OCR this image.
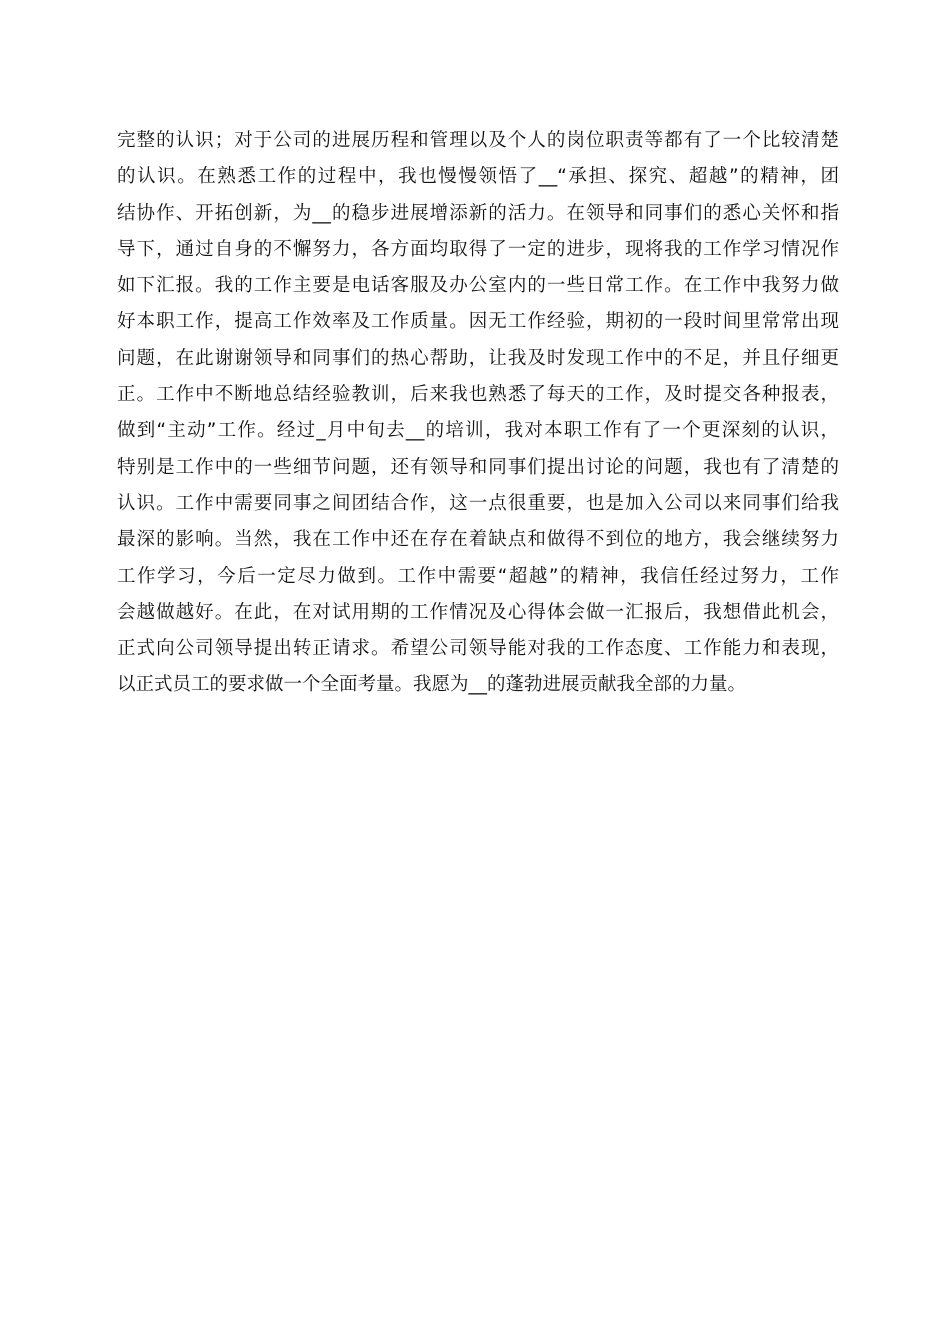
完整的认识；对于公司的进展历程和管理以及个人的岗位职责等都有了一个比较清楚
的认识。在熟悉工作的过程中，我也慢慢领悟了__“承担、探究、超越”的精神，团
结协作、开拓创新，为__的稳步进展增添新的活力。在领导和同事们的悉心关怀和指
导下，通过自身的不懈努力，各方面均取得了一定的进步，现将我的工作学习情况作
如下汇报。我的工作主要是电话客服及办公室内的一些日常工作。在工作中我努力做
好本职工作，提高工作效率及工作质量。因无工作经验，期初的一段时间里常常出现
问题，在此谢谢领导和同事们的热心帮助，让我及时发现工作中的不足，并且仔细更
正。工作中不断地总结经验教训，后来我也熟悉了每天的工作，及时提交各种报表，
做到“主动”工作。经过_月中旬去__的培训，我对本职工作有了一个更深刻的认识，
特别是工作中的一些细节问题，还有领导和同事们提出讨论的问题，我也有了清楚的
认识。工作中需要同事之间团结合作，这一点很重要，也是加入公司以来同事们给我
最深的影响。当然，我在工作中还在存在着缺点和做得不到位的地方，我会继续努力
工作学习，今后一定尽力做到。工作中需要“超越”的精神，我信任经过努力，工作
会越做越好。在此，在对试用期的工作情况及心得体会做一汇报后，我想借此机会，
正式向公司领导提出转正请求。希望公司领导能对我的工作态度、工作能力和表现，
以正式员工的要求做一个全面考量。我愿为__的蓬勃进展贡献我全部的力量。
